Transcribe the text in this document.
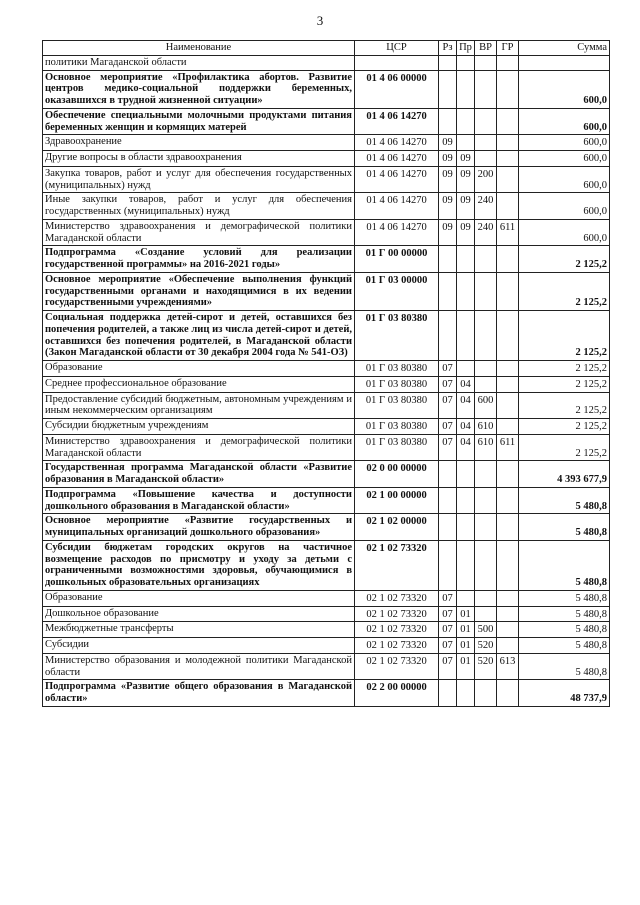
3
Наименование	ЦСР	Рз	Пр	ВР	ГР	Сумма
политики Магаданской области						
Основное мероприятие «Профилактика абортов. Развитие центров медико-социальной поддержки беременных, оказавшихся в трудной жизненной ситуации»	01 4 06 00000					600,0
Обеспечение специальными молочными продуктами питания беременных женщин и кормящих матерей	01 4 06 14270					600,0
Здравоохранение	01 4 06 14270	09				600,0
Другие вопросы в области здравоохранения	01 4 06 14270	09	09			600,0
Закупка товаров, работ и услуг для обеспечения государственных (муниципальных) нужд	01 4 06 14270	09	09	200		600,0
Иные закупки товаров, работ и услуг для обеспечения государственных (муниципальных) нужд	01 4 06 14270	09	09	240		600,0
Министерство здравоохранения и демографической политики Магаданской области	01 4 06 14270	09	09	240	611	600,0
Подпрограмма «Создание условий для реализации государственной программы» на 2016-2021 годы»	01 Г 00 00000					2 125,2
Основное мероприятие «Обеспечение выполнения функций государственными органами и находящимися в их ведении государственными учреждениями»	01 Г 03 00000					2 125,2
Социальная поддержка детей-сирот и детей, оставшихся без попечения родителей, а также лиц из числа детей-сирот и детей, оставшихся без попечения родителей, в Магаданской области (Закон Магаданской области от 30 декабря 2004 года № 541-ОЗ)	01 Г 03 80380					2 125,2
Образование	01 Г 03 80380	07				2 125,2
Среднее профессиональное образование	01 Г 03 80380	07	04			2 125,2
Предоставление субсидий бюджетным, автономным учреждениям и иным некоммерческим организациям	01 Г 03 80380	07	04	600		2 125,2
Субсидии бюджетным учреждениям	01 Г 03 80380	07	04	610		2 125,2
Министерство здравоохранения и демографической политики Магаданской области	01 Г 03 80380	07	04	610	611	2 125,2
Государственная программа Магаданской области «Развитие образования в Магаданской области»	02 0 00 00000					4 393 677,9
Подпрограмма «Повышение качества и доступности дошкольного образования в Магаданской области»	02 1 00 00000					5 480,8
Основное мероприятие «Развитие государственных и муниципальных организаций дошкольного образования»	02 1 02 00000					5 480,8
Субсидии бюджетам городских округов на частичное возмещение расходов по присмотру и уходу за детьми с ограниченными возможностями здоровья, обучающимися в дошкольных образовательных организациях	02 1 02 73320					5 480,8
Образование	02 1 02 73320	07				5 480,8
Дошкольное образование	02 1 02 73320	07	01			5 480,8
Межбюджетные трансферты	02 1 02 73320	07	01	500		5 480,8
Субсидии	02 1 02 73320	07	01	520		5 480,8
Министерство образования и молодежной политики Магаданской области	02 1 02 73320	07	01	520	613	5 480,8
Подпрограмма «Развитие общего образования в Магаданской области»	02 2 00 00000					48 737,9
